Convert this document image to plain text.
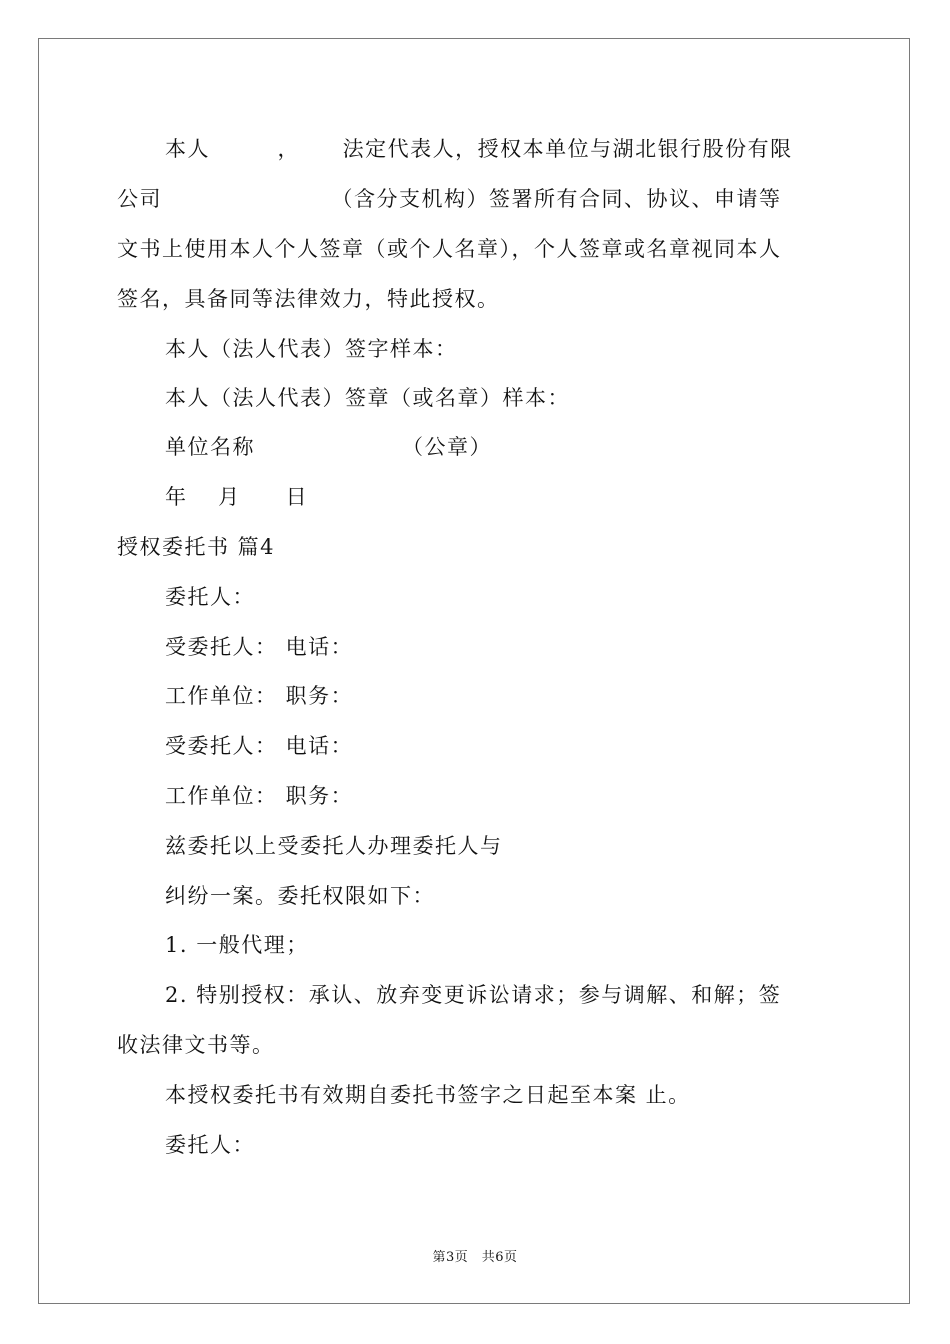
本人　　　，　　 法定代表人，授权本单位与湖北银行股份有限

公司　　　　　　　　（含分支机构）签署所有合同、协议、申请等

文书上使用本人个人签章（或个人名章），个人签章或名章视同本人

签名，具备同等法律效力，特此授权。

本人（法人代表）签字样本：

本人（法人代表）签章（或名章）样本：

单位名称　　　　　　　（公章）

年　 月　　日

授权委托书 篇4

委托人：

受委托人： 电话：

工作单位： 职务：

受委托人： 电话：

工作单位： 职务：

兹委托以上受委托人办理委托人与

纠纷一案。委托权限如下：

1. 一般代理；

2. 特别授权：承认、放弃变更诉讼请求；参与调解、和解；签

收法律文书等。

本授权委托书有效期自委托书签字之日起至本案 止。

委托人：

第3页　共6页
